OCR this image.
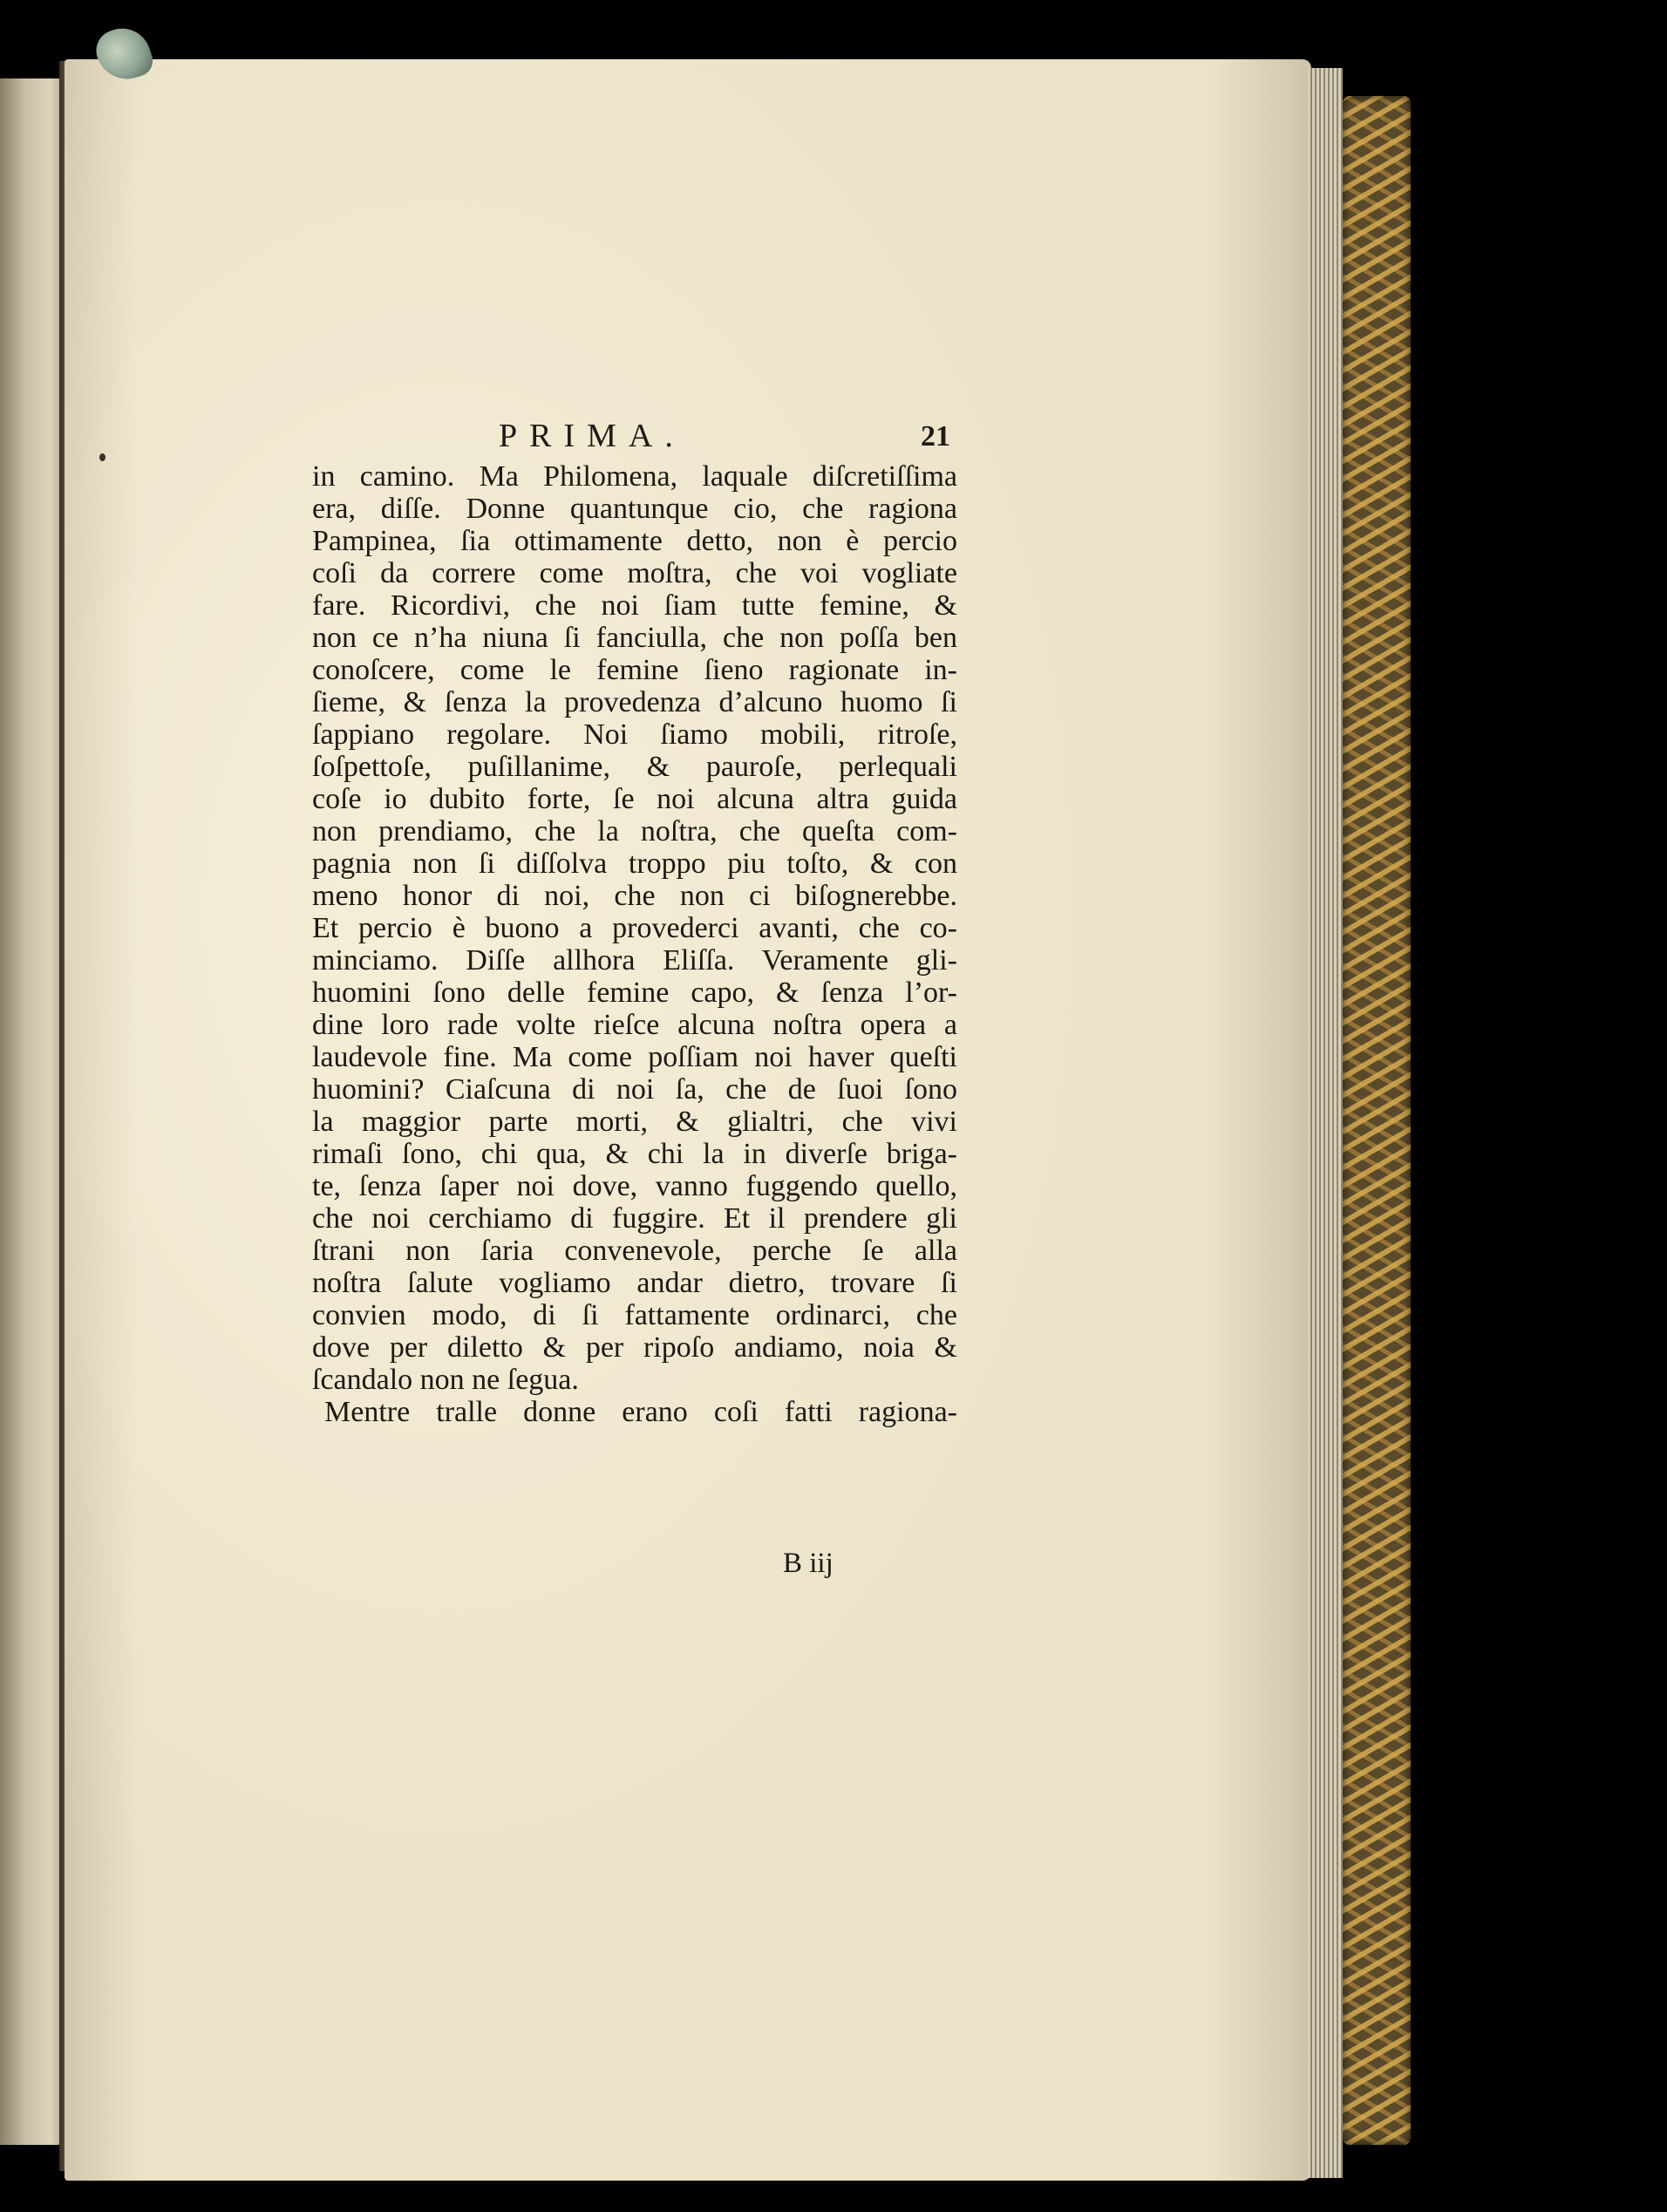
PRIMA.	21
in camino. Ma Philomena, laquale diſcretiſſima
era, diſſe. Donne quantunque cio, che ragiona
Pampinea, ſia ottimamente detto, non è percio
coſi da correre come moſtra, che voi vogliate
fare. Ricordivi, che noi ſiam tutte femine, &
non ce n’ha niuna ſi fanciulla, che non poſſa ben
conoſcere, come le femine ſieno ragionate in-
ſieme, & ſenza la provedenza d’alcuno huomo ſi
ſappiano regolare. Noi ſiamo mobili, ritroſe,
ſoſpettoſe, puſillanime, & pauroſe, perlequali
coſe io dubito forte, ſe noi alcuna altra guida
non prendiamo, che la noſtra, che queſta com-
pagnia non ſi diſſolva troppo piu toſto, & con
meno honor di noi, che non ci biſognerebbe.
Et percio è buono a provederci avanti, che co-
minciamo. Diſſe allhora Eliſſa. Veramente gli-
huomini ſono delle femine capo, & ſenza l’or-
dine loro rade volte rieſce alcuna noſtra opera a
laudevole fine. Ma come poſſiam noi haver queſti
huomini? Ciaſcuna di noi ſa, che de ſuoi ſono
la maggior parte morti, & glialtri, che vivi
rimaſi ſono, chi qua, & chi la in diverſe briga-
te, ſenza ſaper noi dove, vanno fuggendo quello,
che noi cerchiamo di fuggire. Et il prendere gli
ſtrani non ſaria convenevole, perche ſe alla
noſtra ſalute vogliamo andar dietro, trovare ſi
convien modo, di ſi fattamente ordinarci, che
dove per diletto & per ripoſo andiamo, noia &
ſcandalo non ne ſegua.
Mentre tralle donne erano coſi fatti ragiona-
B iij
